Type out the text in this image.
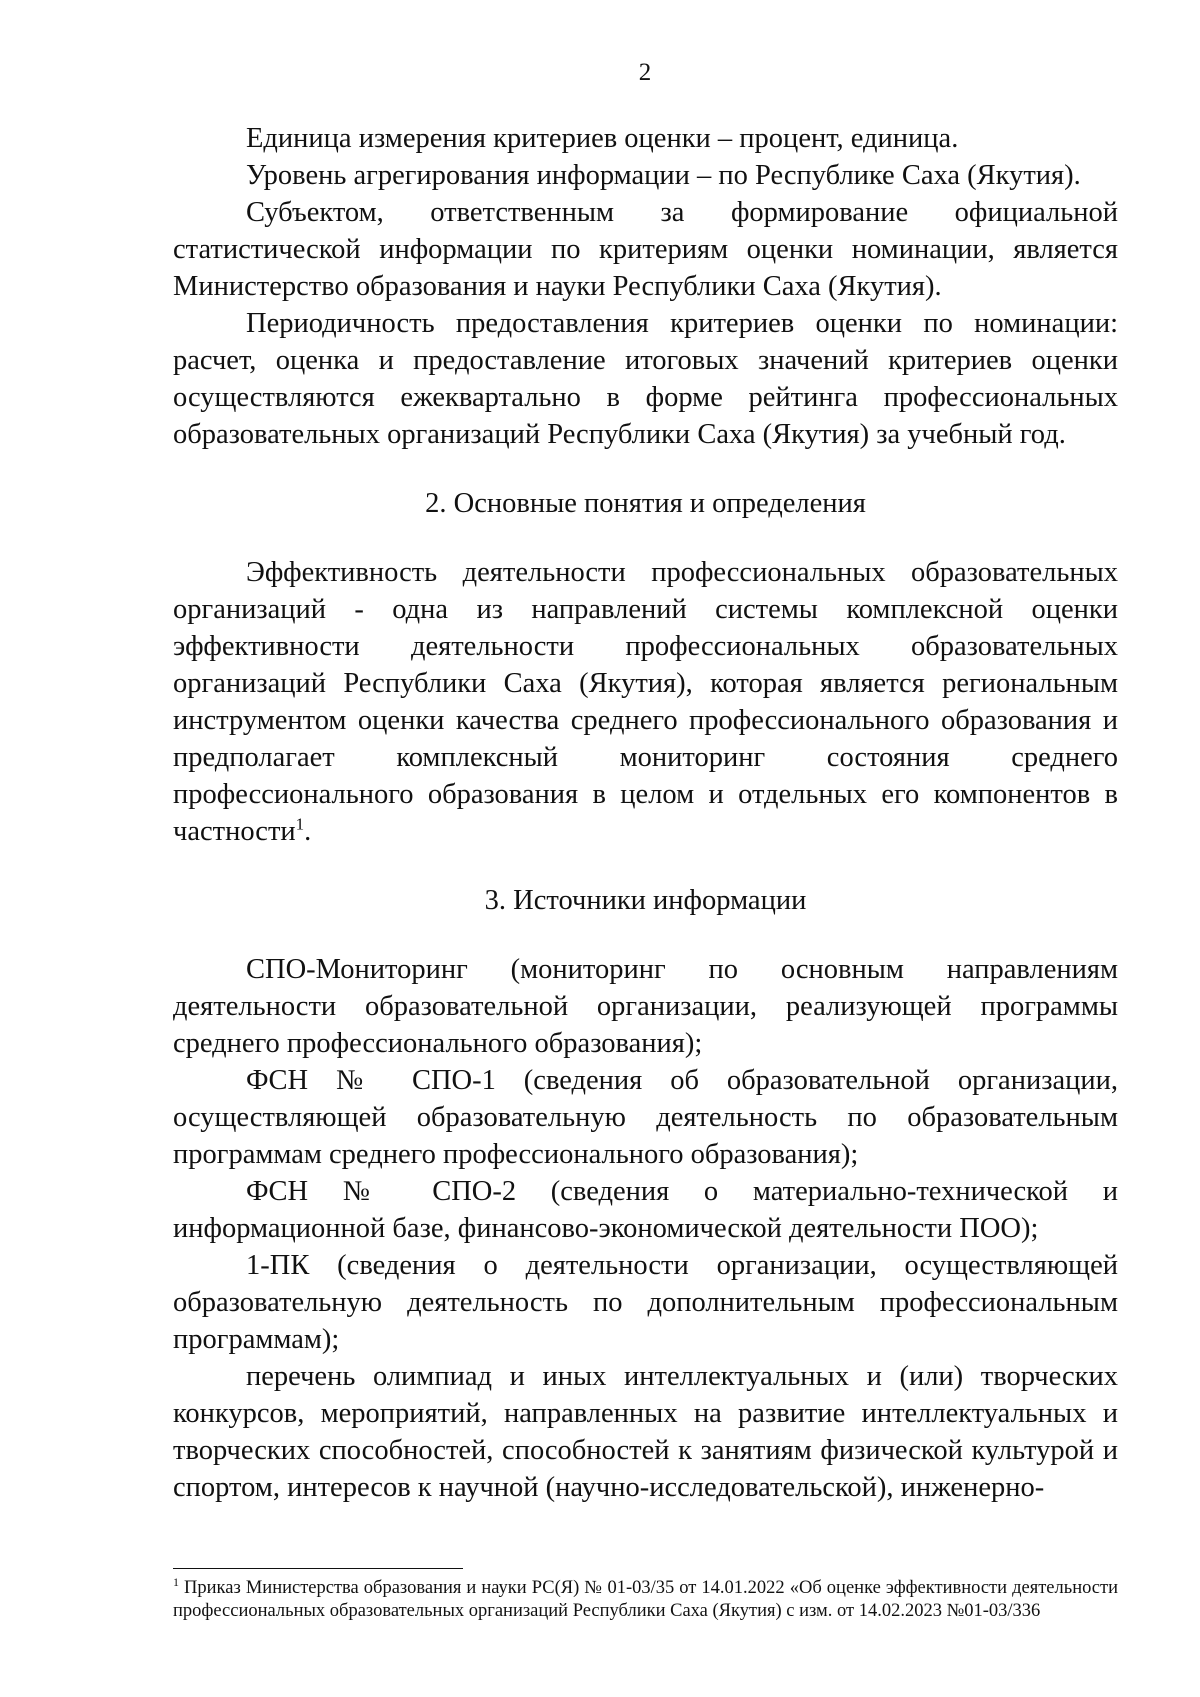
2

Единица измерения критериев оценки – процент, единица.

Уровень агрегирования информации – по Республике Саха (Якутия).

Субъектом, ответственным за формирование официальной статистической информации по критериям оценки номинации, является Министерство образования и науки Республики Саха (Якутия).

Периодичность предоставления критериев оценки по номинации: расчет, оценка и предоставление итоговых значений критериев оценки осуществляются ежеквартально в форме рейтинга профессиональных образовательных организаций Республики Саха (Якутия) за учебный год.

2. Основные понятия и определения

Эффективность деятельности профессиональных образовательных организаций - одна из направлений системы комплексной оценки эффективности деятельности профессиональных образовательных организаций Республики Саха (Якутия), которая является региональным инструментом оценки качества среднего профессионального образования и предполагает комплексный мониторинг состояния среднего профессионального образования в целом и отдельных его компонентов в частности$^1$.

3. Источники информации

СПО-Мониторинг (мониторинг по основным направлениям деятельности образовательной организации, реализующей программы среднего профессионального образования);

ФСН № СПО-1 (сведения об образовательной организации, осуществляющей образовательную деятельность по образовательным программам среднего профессионального образования);

ФСН № СПО-2 (сведения о материально-технической и информационной базе, финансово-экономической деятельности ПОО);

1-ПК (сведения о деятельности организации, осуществляющей образовательную деятельность по дополнительным профессиональным программам);

перечень олимпиад и иных интеллектуальных и (или) творческих конкурсов, мероприятий, направленных на развитие интеллектуальных и творческих способностей, способностей к занятиям физической культурой и спортом, интересов к научной (научно-исследовательской), инженерно-

$^1$ Приказ Министерства образования и науки РС(Я) № 01-03/35 от 14.01.2022 «Об оценке эффективности деятельности профессиональных образовательных организаций Республики Саха (Якутия) с изм. от 14.02.2023 №01-03/336
